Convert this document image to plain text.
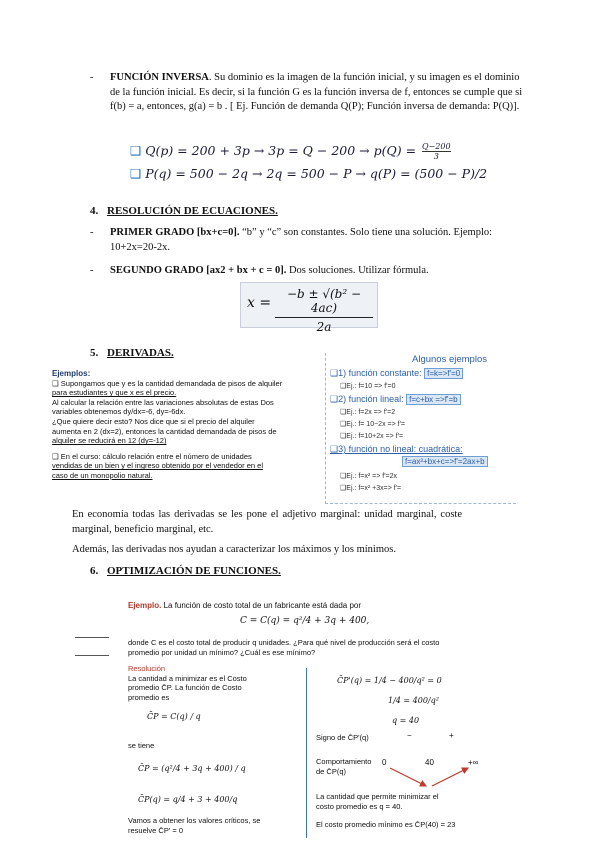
-	FUNCIÓN INVERSA. Su dominio es la imagen de la función inicial, y su imagen es el dominio de la función inicial. Es decir, si la función G es la función inversa de f, entonces se cumple que si f(b) = a, entonces, g(a) = b . [ Ej. Función de demanda Q(P); Función inversa de demanda: P(Q)].
❑ $Q(p) = 200 + 3p \to 3p = Q - 200 \to p(Q) = \frac{Q-200}{3}$
❑ P(q) = 500 − 2q → 2q = 500 − P → q(P) = (500 − P)/2
4. RESOLUCIÓN DE ECUACIONES.
-	PRIMER GRADO [bx+c=0]. “b” y “c” son constantes. Solo tiene una solución. Ejemplo: 10+2x=20-2x.
-	SEGUNDO GRADO [ax2 + bx + c = 0]. Dos soluciones. Utilizar fórmula.
$x = \frac{\text{−b ± √(b² − 4ac)}}{2a}$
5. DERIVADAS.
Ejemplos:
❑ Supongamos que y es la cantidad demandada de pisos de alquiler
para estudiantes y que x es el precio.
Al calcular la relación entre las variaciones absolutas de estas Dos
variables obtenemos dy/dx=-6, dy=-6dx.
¿Que quiere decir esto? Nos dice que si el precio del alquiler
aumenta en 2 (dx=2), entonces la cantidad demandada de pisos de
alquiler se reducirá en 12 (dy=-12)
❑ En el curso: cálculo relación entre el número de unidades
vendidas de un bien y el ingreso obtenido por el vendedor en el
caso de un monopolio natural.
Algunos ejemplos
❑1) función constante: f=k=>f'=0
❑Ej.: f=10 => f'=0
❑2) función lineal: f=c+bx =>f'=b
❑Ej.: f=2x => f'=2
❑Ej.: f= 10−2x => f'=
❑Ej.: f=10+2x => f'=
❑3) función no lineal: cuadrática:
f=ax²+bx+c=>f'=2ax+b
❑Ej.: f=x² => f'=2x
❑Ej.: f=x² +3x=> f'=
En economía todas las derivadas se les pone el adjetivo marginal: unidad marginal, coste marginal, beneficio marginal, etc.
Además, las derivadas nos ayudan a caracterizar los máximos y los mínimos.
6. OPTIMIZACIÓN DE FUNCIONES.
Ejemplo. La función de costo total de un fabricante está dada por
C = C(q) = q²/4 + 3q + 400,
donde C es el costo total de producir q unidades. ¿Para qué nivel de producción será el costo promedio por unidad un mínimo? ¿Cuál es ese mínimo?
Resolución
La cantidad a minimizar es el Costo
promedio C̄P. La función de Costo
promedio es
C̄P = C(q) / q
se tiene
C̄P = (q²/4 + 3q + 400) / q
C̄P(q) = q/4 + 3 + 400/q
Vamos a obtener los valores críticos, se
resuelve C̄P' = 0
C̄P'(q) = 1/4 − 400/q² = 0
1/4 = 400/q²
q = 40
Signo de C̄P'(q)	−	+
Comportamiento de C̄P(q)
0	40	+∞
La cantidad que permite minimizar el
costo promedio es q = 40.
El costo promedio mínimo es C̄P(40) = 23
